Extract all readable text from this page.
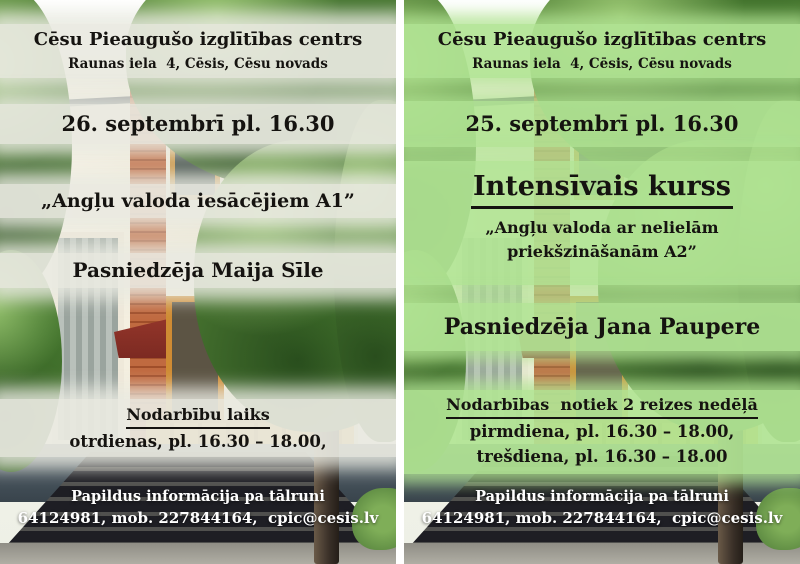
Cēsu Pieaugušo izglītības centrs
Raunas iela  4, Cēsis, Cēsu novads
26. septembrī pl. 16.30
„Angļu valoda iesācējiem A1”
Pasniedzēja Maija Sīle
Nodarbību laiks
otrdienas, pl. 16.30 – 18.00,
Papildus informācija pa tālruni
64124981, mob. 227844164,  cpic@cesis.lv
Cēsu Pieaugušo izglītības centrs
Raunas iela  4, Cēsis, Cēsu novads
25. septembrī pl. 16.30
Intensīvais kurss
„Angļu valoda ar nelielām
priekšzināšanām A2”
Pasniedzēja Jana Paupere
Nodarbības  notiek 2 reizes nedēļā
pirmdiena, pl. 16.30 – 18.00,
trešdiena, pl. 16.30 – 18.00
Papildus informācija pa tālruni
64124981, mob. 227844164,  cpic@cesis.lv
